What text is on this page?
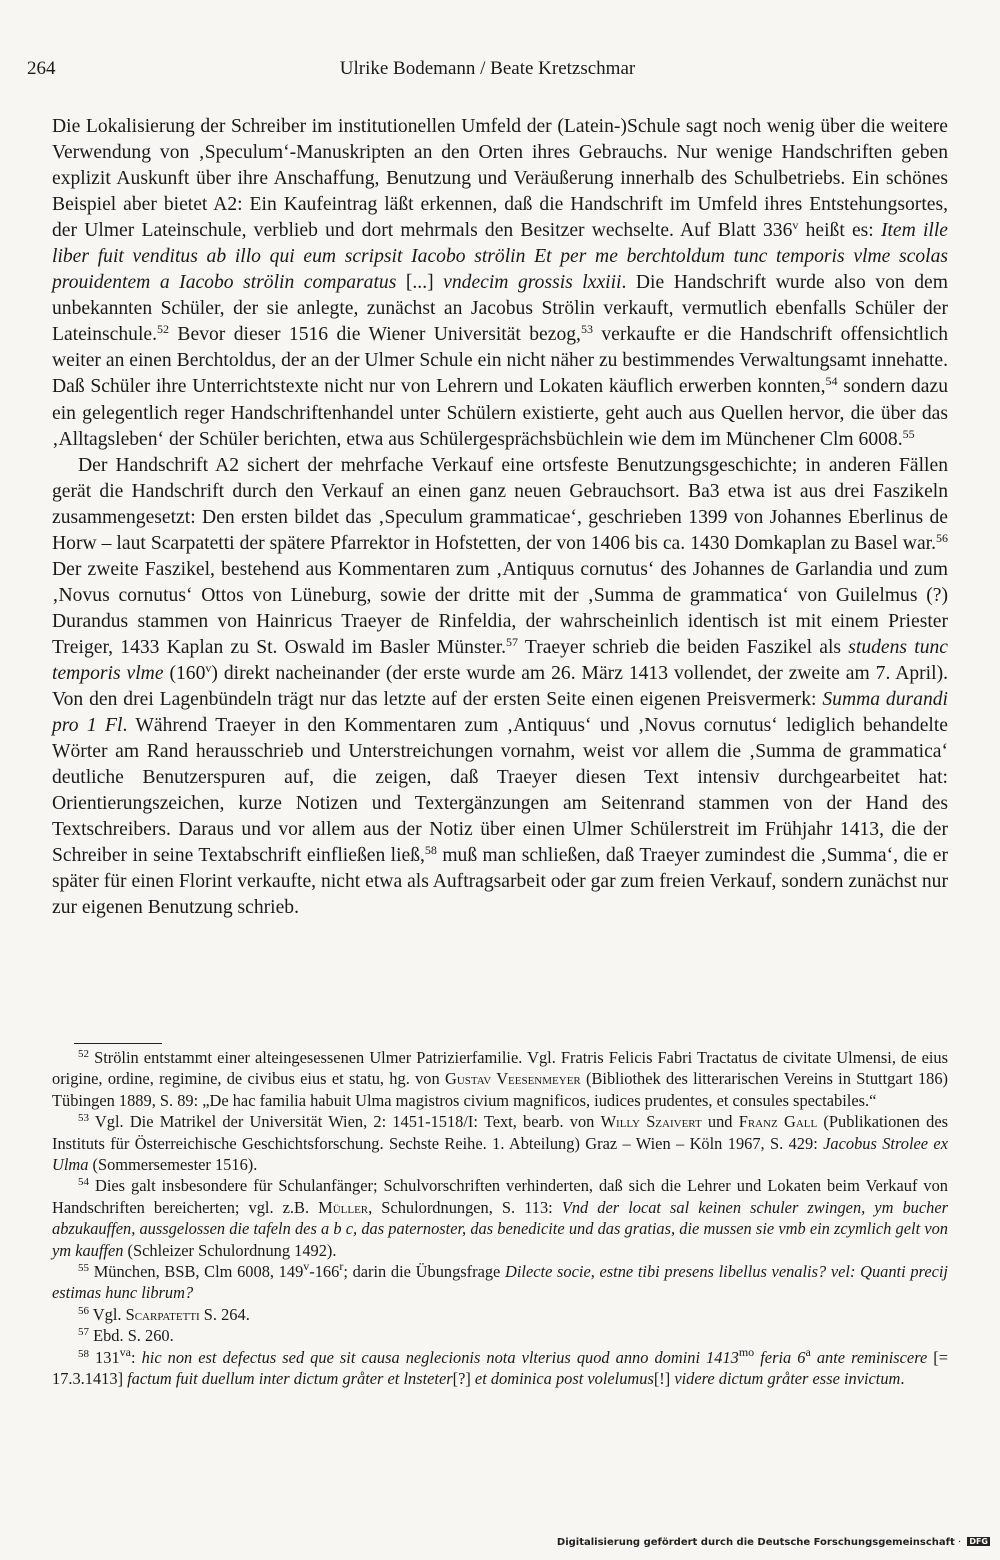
264	Ulrike Bodemann / Beate Kretzschmar

Die Lokalisierung der Schreiber im institutionellen Umfeld der (Latein-)Schule sagt noch wenig über die weitere Verwendung von ‚Speculum‘-Manuskripten an den Orten ihres Gebrauchs. Nur wenige Handschriften geben explizit Auskunft über ihre Anschaffung, Benutzung und Veräußerung innerhalb des Schulbetriebs. Ein schönes Beispiel aber bietet A2: Ein Kaufeintrag läßt erkennen, daß die Handschrift im Umfeld ihres Entstehungsortes, der Ulmer Lateinschule, verblieb und dort mehrmals den Besitzer wechselte. Auf Blatt 336$^v$ heißt es: Item ille liber fuit venditus ab illo qui eum scripsit Iacobo strölin Et per me berchtoldum tunc temporis vlme scolas prouidentem a Iacobo strölin comparatus [...] vndecim grossis lxxiii. Die Handschrift wurde also von dem unbekannten Schüler, der sie anlegte, zunächst an Jacobus Strölin verkauft, vermutlich ebenfalls Schüler der Lateinschule.$^{52}$ Bevor dieser 1516 die Wiener Universität bezog,$^{53}$ verkaufte er die Handschrift offensichtlich weiter an einen Berchtoldus, der an der Ulmer Schule ein nicht näher zu bestimmendes Verwaltungsamt innehatte. Daß Schüler ihre Unterrichtstexte nicht nur von Lehrern und Lokaten käuflich erwerben konnten,$^{54}$ sondern dazu ein gelegentlich reger Handschriftenhandel unter Schülern existierte, geht auch aus Quellen hervor, die über das ‚Alltagsleben‘ der Schüler berichten, etwa aus Schülergesprächsbüchlein wie dem im Münchener Clm 6008.55

Der Handschrift A2 sichert der mehrfache Verkauf eine ortsfeste Benutzungsgeschichte; in anderen Fällen gerät die Handschrift durch den Verkauf an einen ganz neuen Gebrauchsort. Ba3 etwa ist aus drei Faszikeln zusammengesetzt: Den ersten bildet das ‚Speculum grammaticae‘, geschrieben 1399 von Johannes Eberlinus de Horw – laut Scarpatetti der spätere Pfarrektor in Hofstetten, der von 1406 bis ca. 1430 Domkaplan zu Basel war.$^{56}$ Der zweite Faszikel, bestehend aus Kommentaren zum ‚Antiquus cornutus‘ des Johannes de Garlandia und zum ‚Novus cornutus‘ Ottos von Lüneburg, sowie der dritte mit der ‚Summa de grammatica‘ von Guilelmus (?) Durandus stammen von Hainricus Traeyer de Rinfeldia, der wahrscheinlich identisch ist mit einem Priester Treiger, 1433 Kaplan zu St. Oswald im Basler Münster.$^{57}$ Traeyer schrieb die beiden Faszikel als studens tunc temporis vlme (160$^v$) direkt nacheinander (der erste wurde am 26. März 1413 vollendet, der zweite am 7. April). Von den drei Lagenbündeln trägt nur das letzte auf der ersten Seite einen eigenen Preisvermerk: Summa durandi pro 1 Fl. Während Traeyer in den Kommentaren zum ‚Antiquus‘ und ‚Novus cornutus‘ lediglich behandelte Wörter am Rand herausschrieb und Unterstreichungen vornahm, weist vor allem die ‚Summa de grammatica‘ deutliche Benutzerspuren auf, die zeigen, daß Traeyer diesen Text intensiv durchgearbeitet hat: Orientierungszeichen, kurze Notizen und Textergänzungen am Seitenrand stammen von der Hand des Textschreibers. Daraus und vor allem aus der Notiz über einen Ulmer Schülerstreit im Frühjahr 1413, die der Schreiber in seine Textabschrift einfließen ließ,$^{58}$ muß man schließen, daß Traeyer zumindest die ‚Summa‘, die er später für einen Florint verkaufte, nicht etwa als Auftragsarbeit oder gar zum freien Verkauf, sondern zunächst nur zur eigenen Benutzung schrieb.

$^{52}$ Strölin entstammt einer alteingesessenen Ulmer Patrizierfamilie. Vgl. Fratris Felicis Fabri Tractatus de civitate Ulmensi, de eius origine, ordine, regimine, de civibus eius et statu, hg. von Gustav Veesenmeyer (Bibliothek des litterarischen Vereins in Stuttgart 186) Tübingen 1889, S. 89: „De hac familia habuit Ulma magistros civium magnificos, iudices prudentes, et consules spectabiles.“

$^{53}$ Vgl. Die Matrikel der Universität Wien, 2: 1451-1518/I: Text, bearb. von Willy Szaivert und Franz Gall (Publikationen des Instituts für Österreichische Geschichtsforschung. Sechste Reihe. 1. Abteilung) Graz – Wien – Köln 1967, S. 429: Jacobus Strolee ex Ulma (Sommersemester 1516).

$^{54}$ Dies galt insbesondere für Schulanfänger; Schulvorschriften verhinderten, daß sich die Lehrer und Lokaten beim Verkauf von Handschriften bereicherten; vgl. z.B. Müller, Schulordnungen, S. 113: Vnd der locat sal keinen schuler zwingen, ym bucher abzukauffen, aussgelossen die tafeln des a b c, das paternoster, das benedicite und das gratias, die mussen sie vmb ein zcymlich gelt von ym kauffen (Schleizer Schulordnung 1492).

$^{55}$ München, BSB, Clm 6008, 149$^v$-166$^r$; darin die Übungsfrage Dilecte socie, estne tibi presens libellus venalis? vel: Quanti precij estimas hunc librum?

$^{56}$ Vgl. Scarpatetti S. 264.

$^{57}$ Ebd. S. 260.

$^{58}$ $131^{va}$: hic non est defectus sed que sit causa neglecionis nota vlterius quod anno domini $1413^{mo}$ feria 6$^a$ ante reminiscere [= 17.3.1413] factum fuit duellum inter dictum gråter et lnsteter[?] et dominica post volelumus[!] videre dictum gråter esse invictum.

Digitalisierung gefördert durch die Deutsche Forschungsgemeinschaft · DFG
